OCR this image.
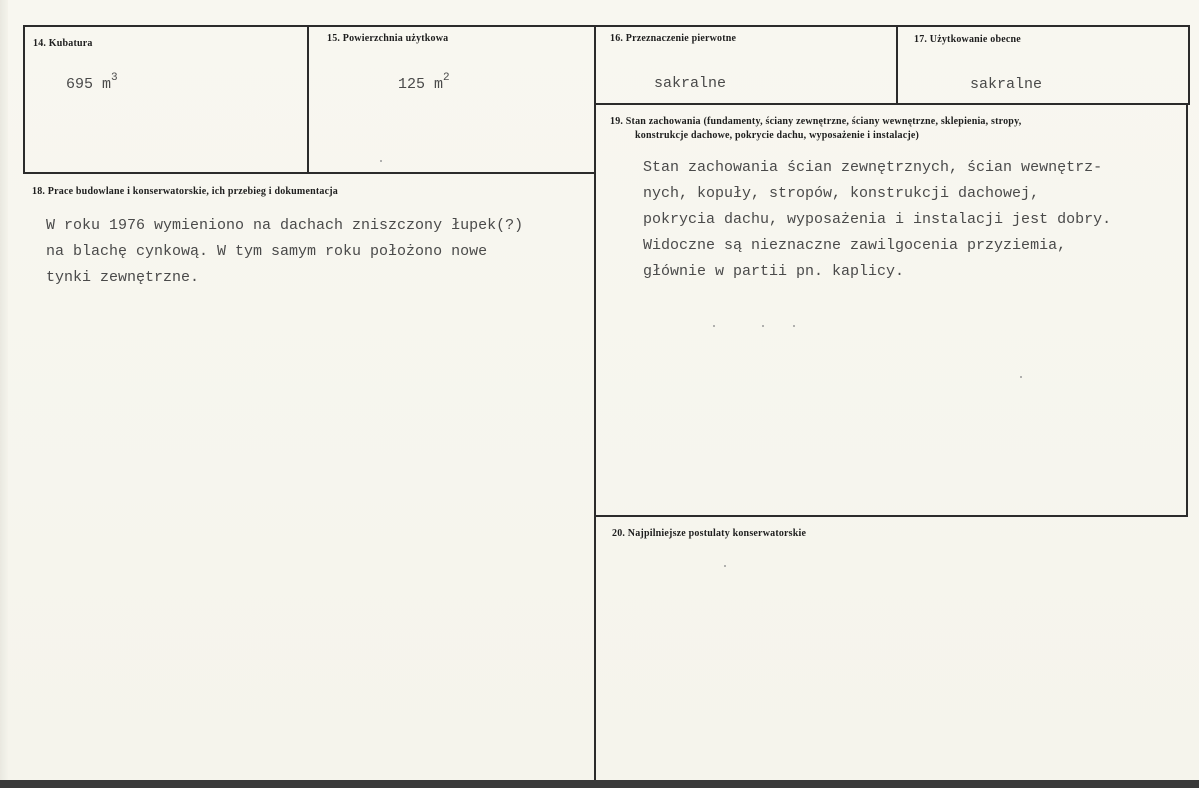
14. Kubatura
695 $m^3$
15. Powierzchnia użytkowa
125 $m^2$
16. Przeznaczenie pierwotne
sakralne
17. Użytkowanie obecne
sakralne
18. Prace budowlane i konserwatorskie, ich przebieg i dokumentacja
W roku 1976 wymieniono na dachach zniszczony łupek(?)
na blachę cynkową. W tym samym roku położono nowe
tynki zewnętrzne.
19. Stan zachowania (fundamenty, ściany zewnętrzne, ściany wewnętrzne, sklepienia, stropy,
konstrukcje dachowe, pokrycie dachu, wyposażenie i instalacje)
Stan zachowania ścian zewnętrznych, ścian wewnętrz-
nych, kopuły, stropów, konstrukcji dachowej,
pokrycia dachu, wyposażenia i instalacji jest dobry.
Widoczne są nieznaczne zawilgocenia przyziemia,
głównie w partii pn. kaplicy.
20. Najpilniejsze postulaty konserwatorskie
